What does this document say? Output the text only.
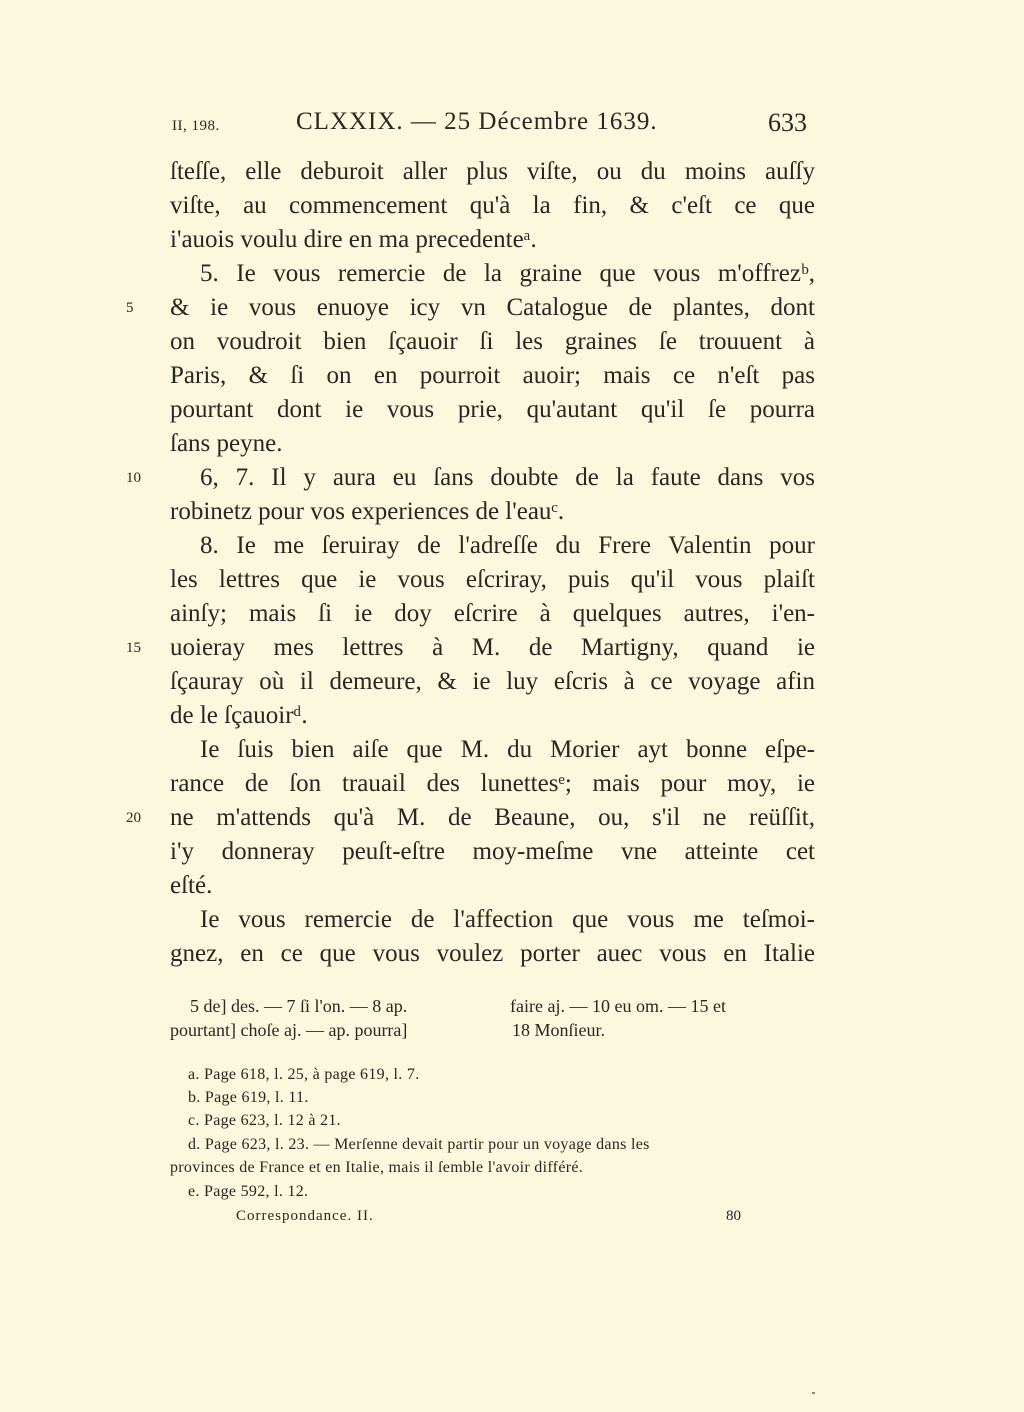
II, 198.	CLXXIX. — 25 Décembre 1639.	633
ſteſſe, elle deburoit aller plus viſte, ou du moins auſſy
viſte, au commencement qu'à la fin, & c'eſt ce que
i'auois voulu dire en ma precedenteᵃ.
5. Ie vous remercie de la graine que vous m'offrezᵇ,
& ie vous enuoye icy vn Catalogue de plantes, dont
on voudroit bien ſçauoir ſi les graines ſe trouuent à
Paris, & ſi on en pourroit auoir; mais ce n'eſt pas
pourtant dont ie vous prie, qu'autant qu'il ſe pourra
ſans peyne.
6, 7. Il y aura eu ſans doubte de la faute dans vos
robinetz pour vos experiences de l'eauᶜ.
8. Ie me ſeruiray de l'adreſſe du Frere Valentin pour
les lettres que ie vous eſcriray, puis qu'il vous plaiſt
ainſy; mais ſi ie doy eſcrire à quelques autres, i'en-
uoieray mes lettres à M. de Martigny, quand ie
ſçauray où il demeure, & ie luy eſcris à ce voyage afin
de le ſçauoirᵈ.
Ie ſuis bien aiſe que M. du Morier ayt bonne eſpe-
rance de ſon trauail des lunettesᵉ; mais pour moy, ie
ne m'attends qu'à M. de Beaune, ou, s'il ne reüſſit,
i'y donneray peuſt-eſtre moy-meſme vne atteinte cet
eſté.
Ie vous remercie de l'affection que vous me teſmoi-
gnez, en ce que vous voulez porter auec vous en Italie
5
10
15
20
5 de] des. — 7 ſi l'on. — 8 ap.
pourtant] choſe aj. — ap. pourra]
faire aj. — 10 eu om. — 15 et
18 Monſieur.
a. Page 618, l. 25, à page 619, l. 7.
b. Page 619, l. 11.
c. Page 623, l. 12 à 21.
d. Page 623, l. 23. — Merſenne devait partir pour un voyage dans les
provinces de France et en Italie, mais il ſemble l'avoir différé.
e. Page 592, l. 12.
Correspondance. II.	80
